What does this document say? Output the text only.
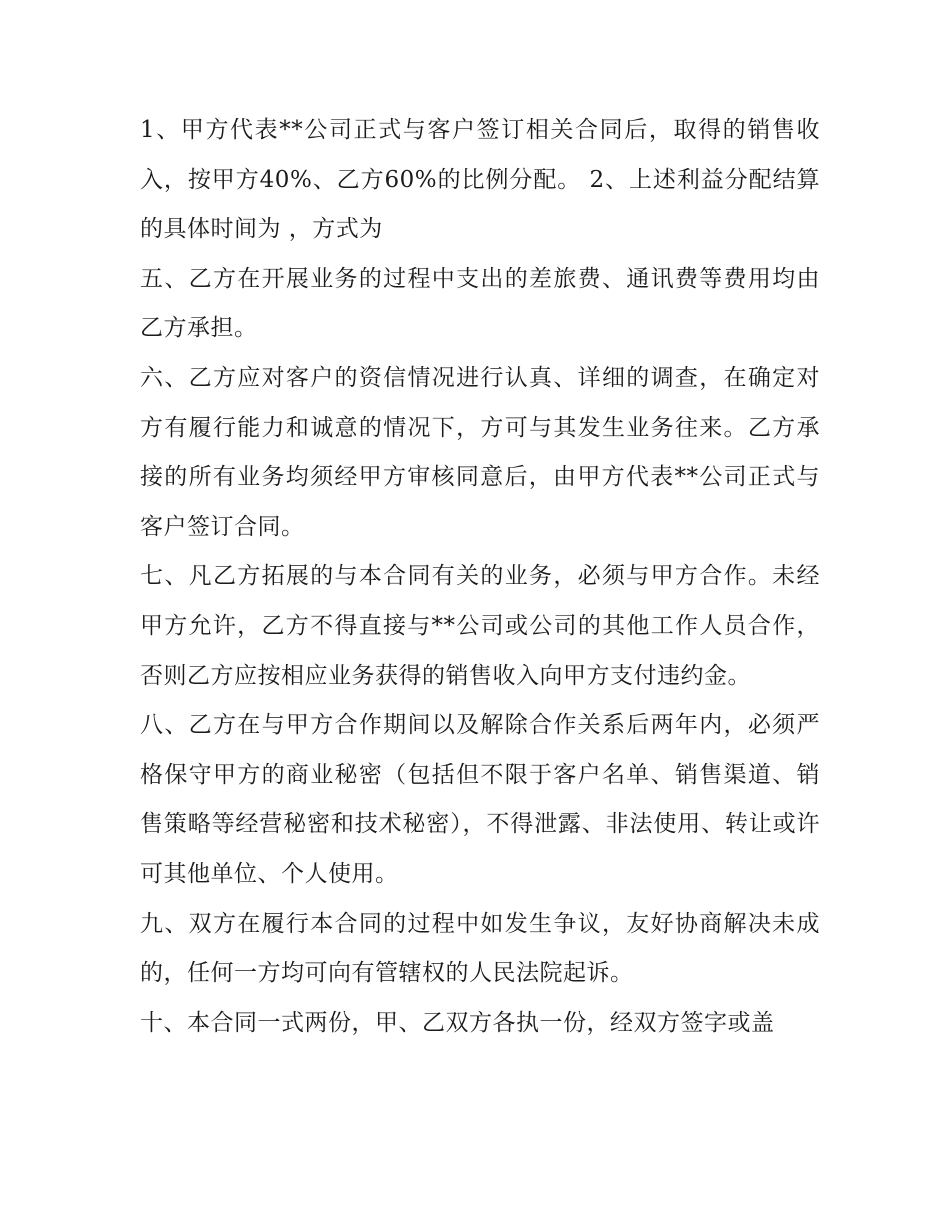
1、甲方代表**公司正式与客户签订相关合同后，取得的销售收入，按甲方40%、乙方60%的比例分配。 2、上述利益分配结算的具体时间为 ，方式为

五、乙方在开展业务的过程中支出的差旅费、通讯费等费用均由乙方承担。

六、乙方应对客户的资信情况进行认真、详细的调查，在确定对方有履行能力和诚意的情况下，方可与其发生业务往来。乙方承接的所有业务均须经甲方审核同意后，由甲方代表**公司正式与客户签订合同。

七、凡乙方拓展的与本合同有关的业务，必须与甲方合作。未经甲方允许，乙方不得直接与**公司或公司的其他工作人员合作，否则乙方应按相应业务获得的销售收入向甲方支付违约金。

八、乙方在与甲方合作期间以及解除合作关系后两年内，必须严格保守甲方的商业秘密（包括但不限于客户名单、销售渠道、销售策略等经营秘密和技术秘密），不得泄露、非法使用、转让或许可其他单位、个人使用。

九、双方在履行本合同的过程中如发生争议，友好协商解决未成的，任何一方均可向有管辖权的人民法院起诉。

十、本合同一式两份，甲、乙双方各执一份，经双方签字或盖
